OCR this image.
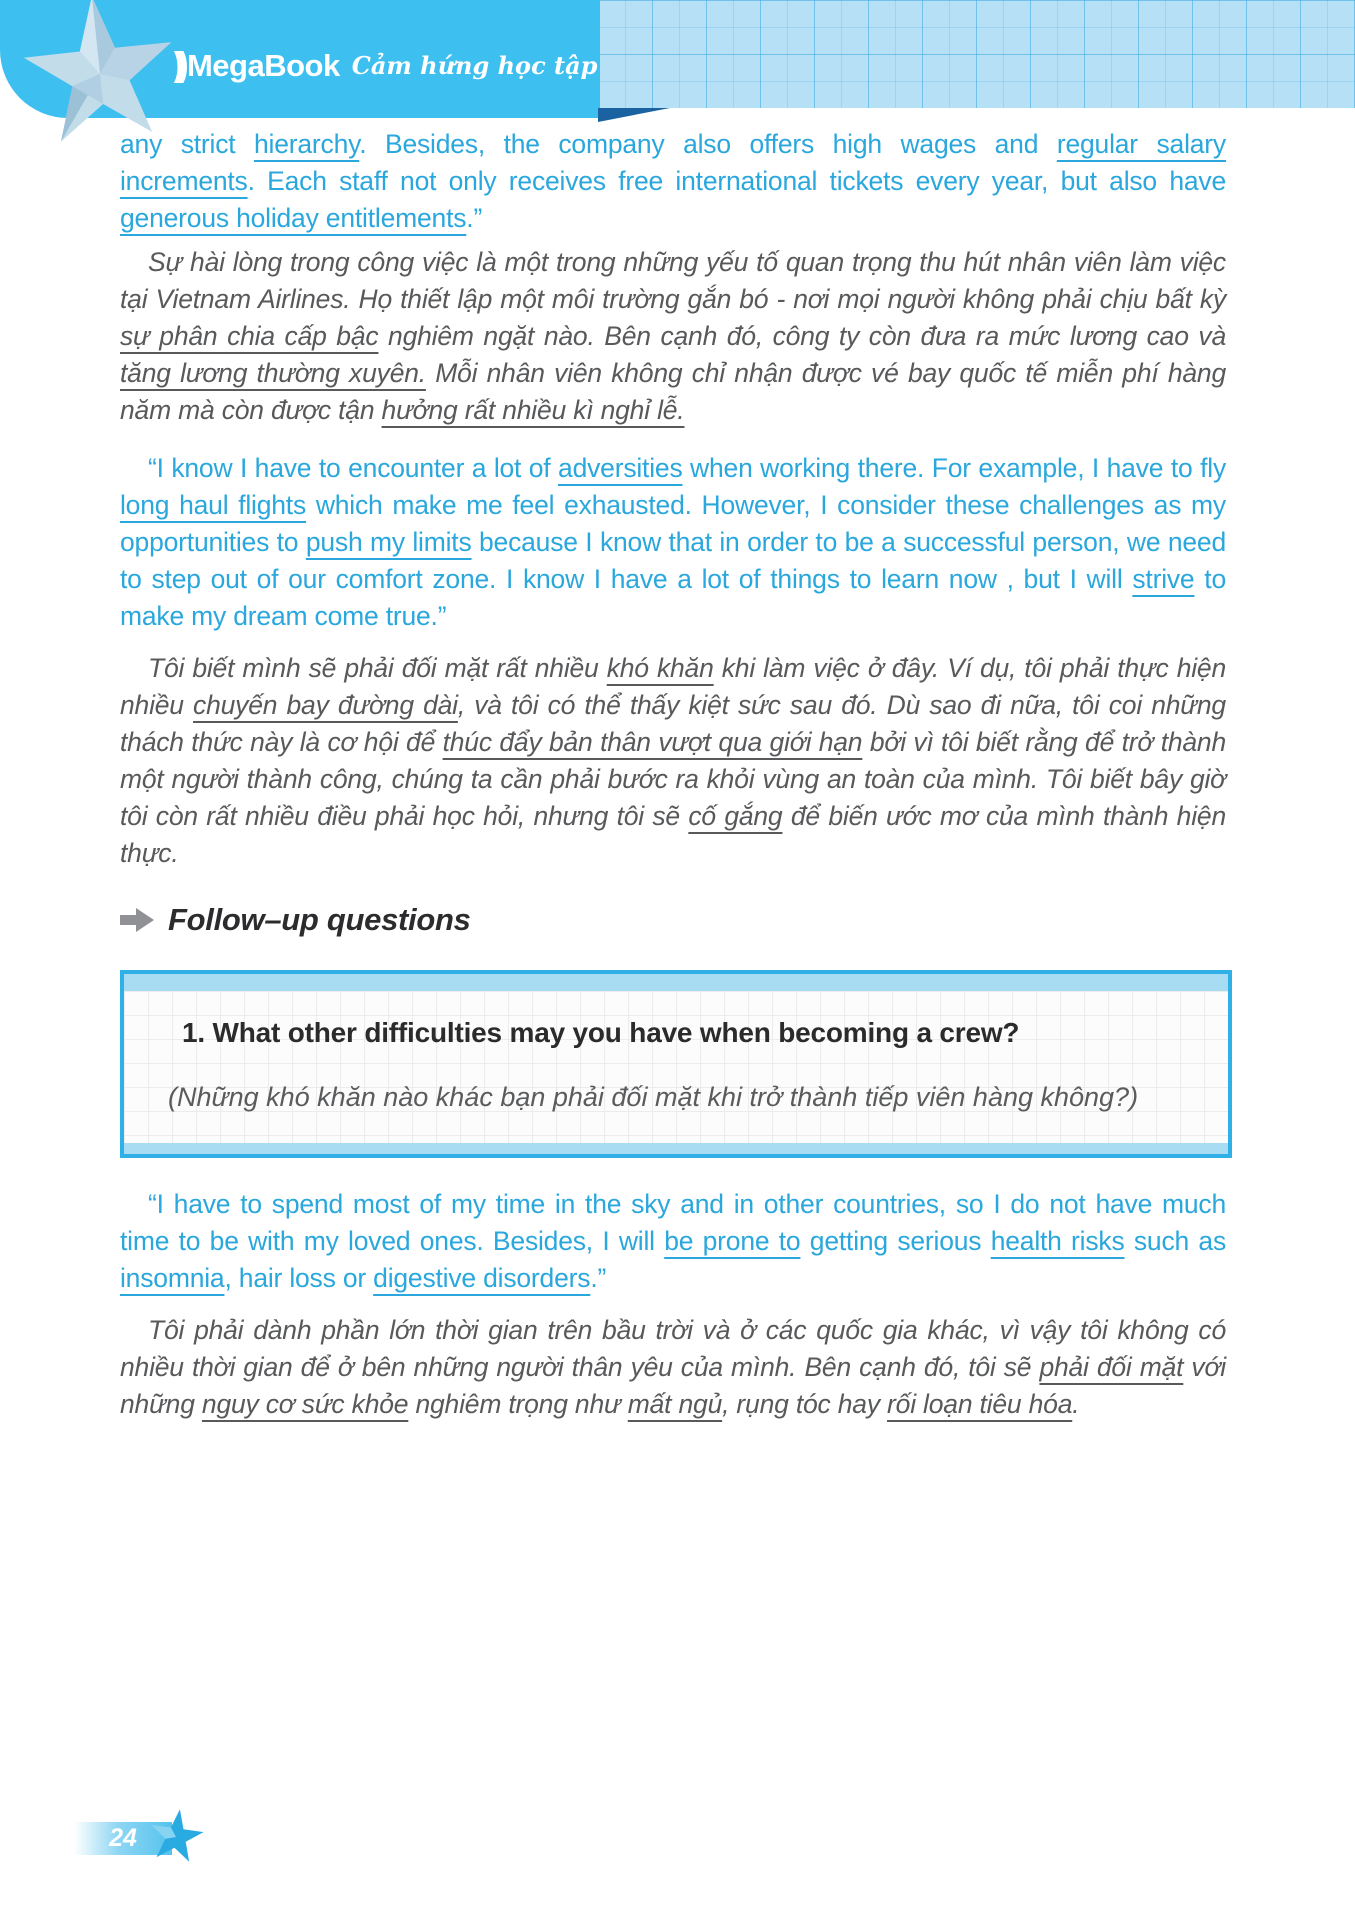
))) MegaBook Cảm hứng học tập

any strict hierarchy. Besides, the company also offers high wages and regular salary increments. Each staff not only receives free international tickets every year, but also have generous holiday entitlements.”

Sự hài lòng trong công việc là một trong những yếu tố quan trọng thu hút nhân viên làm việc tại Vietnam Airlines. Họ thiết lập một môi trường gắn bó - nơi mọi người không phải chịu bất kỳ sự phân chia cấp bậc nghiêm ngặt nào. Bên cạnh đó, công ty còn đưa ra mức lương cao và tăng lương thường xuyên. Mỗi nhân viên không chỉ nhận được vé bay quốc tế miễn phí hàng năm mà còn được tận hưởng rất nhiều kì nghỉ lễ.

“I know I have to encounter a lot of adversities when working there. For example, I have to fly long haul flights which make me feel exhausted. However, I consider these challenges as my opportunities to push my limits because I know that in order to be a successful person, we need to step out of our comfort zone. I know I have a lot of things to learn now , but I will strive to make my dream come true.”

Tôi biết mình sẽ phải đối mặt rất nhiều khó khăn khi làm việc ở đây. Ví dụ, tôi phải thực hiện nhiều chuyến bay đường dài, và tôi có thể thấy kiệt sức sau đó. Dù sao đi nữa, tôi coi những thách thức này là cơ hội để thúc đẩy bản thân vượt qua giới hạn bởi vì tôi biết rằng để trở thành một người thành công, chúng ta cần phải bước ra khỏi vùng an toàn của mình. Tôi biết bây giờ tôi còn rất nhiều điều phải học hỏi, nhưng tôi sẽ cố gắng để biến ước mơ của mình thành hiện thực.

Follow–up questions

1. What other difficulties may you have when becoming a crew?

(Những khó khăn nào khác bạn phải đối mặt khi trở thành tiếp viên hàng không?)

“I have to spend most of my time in the sky and in other countries, so I do not have much time to be with my loved ones. Besides, I will be prone to getting serious health risks such as insomnia, hair loss or digestive disorders.”

Tôi phải dành phần lớn thời gian trên bầu trời và ở các quốc gia khác, vì vậy tôi không có nhiều thời gian để ở bên những người thân yêu của mình. Bên cạnh đó, tôi sẽ phải đối mặt với những nguy cơ sức khỏe nghiêm trọng như mất ngủ, rụng tóc hay rối loạn tiêu hóa.

24
